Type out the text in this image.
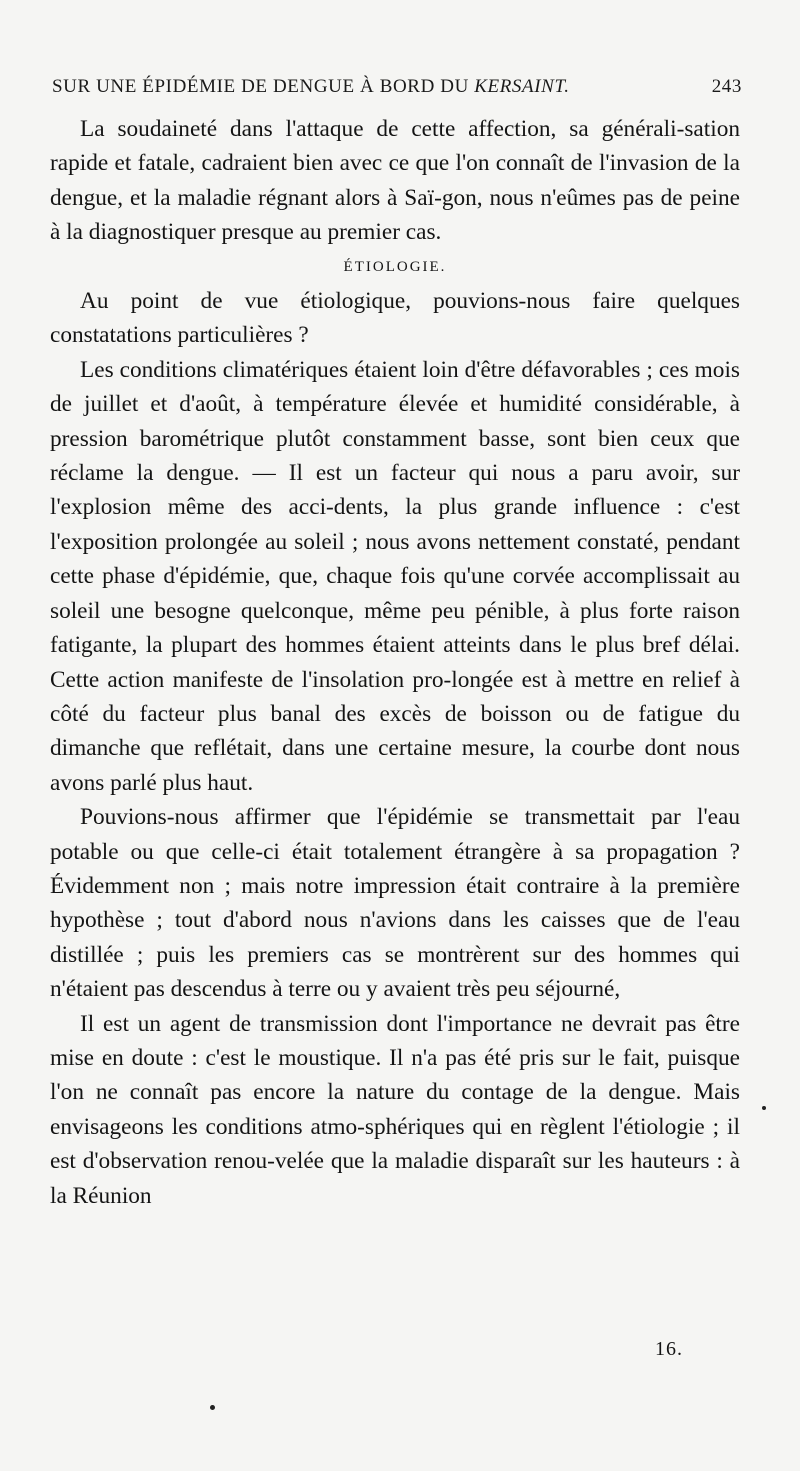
SUR UNE ÉPIDÉMIE DE DENGUE À BORD DU KERSAINT.	243

La soudaineté dans l'attaque de cette affection, sa générali-sation rapide et fatale, cadraient bien avec ce que l'on connaît de l'invasion de la dengue, et la maladie régnant alors à Saï-gon, nous n'eûmes pas de peine à la diagnostiquer presque au premier cas.

ÉTIOLOGIE.

Au point de vue étiologique, pouvions-nous faire quelques constatations particulières ?

Les conditions climatériques étaient loin d'être défavorables ; ces mois de juillet et d'août, à température élevée et humidité considérable, à pression barométrique plutôt constamment basse, sont bien ceux que réclame la dengue. — Il est un facteur qui nous a paru avoir, sur l'explosion même des acci-dents, la plus grande influence : c'est l'exposition prolongée au soleil ; nous avons nettement constaté, pendant cette phase d'épidémie, que, chaque fois qu'une corvée accomplissait au soleil une besogne quelconque, même peu pénible, à plus forte raison fatigante, la plupart des hommes étaient atteints dans le plus bref délai. Cette action manifeste de l'insolation pro-longée est à mettre en relief à côté du facteur plus banal des excès de boisson ou de fatigue du dimanche que reflétait, dans une certaine mesure, la courbe dont nous avons parlé plus haut.

Pouvions-nous affirmer que l'épidémie se transmettait par l'eau potable ou que celle-ci était totalement étrangère à sa propagation ? Évidemment non ; mais notre impression était contraire à la première hypothèse ; tout d'abord nous n'avions dans les caisses que de l'eau distillée ; puis les premiers cas se montrèrent sur des hommes qui n'étaient pas descendus à terre ou y avaient très peu séjourné,

Il est un agent de transmission dont l'importance ne devrait pas être mise en doute : c'est le moustique. Il n'a pas été pris sur le fait, puisque l'on ne connaît pas encore la nature du contage de la dengue. Mais envisageons les conditions atmo-sphériques qui en règlent l'étiologie ; il est d'observation renou-velée que la maladie disparaît sur les hauteurs : à la Réunion

16.
